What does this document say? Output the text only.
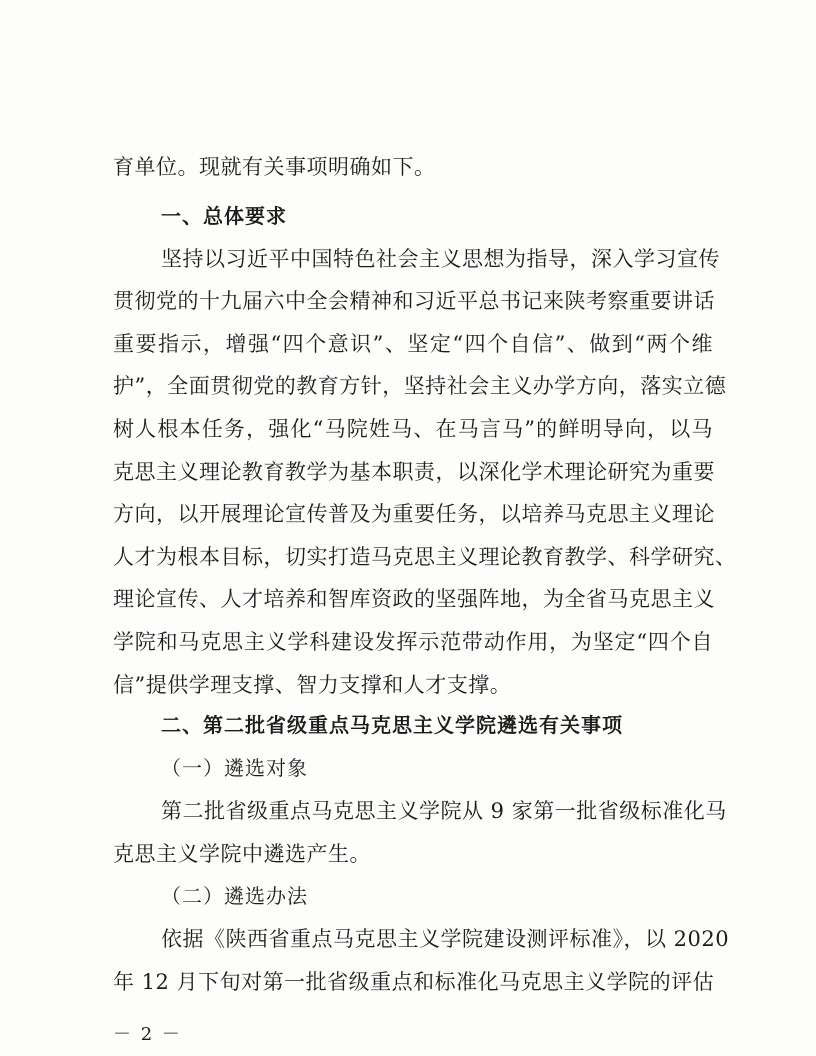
育单位。现就有关事项明确如下。
一、总体要求
坚持以习近平中国特色社会主义思想为指导，深入学习宣传
贯彻党的十九届六中全会精神和习近平总书记来陕考察重要讲话
重要指示，增强“四个意识”、坚定“四个自信”、做到“两个维
护”，全面贯彻党的教育方针，坚持社会主义办学方向，落实立德
树人根本任务，强化“马院姓马、在马言马”的鲜明导向，以马
克思主义理论教育教学为基本职责，以深化学术理论研究为重要
方向，以开展理论宣传普及为重要任务，以培养马克思主义理论
人才为根本目标，切实打造马克思主义理论教育教学、科学研究、
理论宣传、人才培养和智库资政的坚强阵地，为全省马克思主义
学院和马克思主义学科建设发挥示范带动作用，为坚定“四个自
信”提供学理支撑、智力支撑和人才支撑。
二、第二批省级重点马克思主义学院遴选有关事项
（一）遴选对象
第二批省级重点马克思主义学院从 9 家第一批省级标准化马
克思主义学院中遴选产生。
（二）遴选办法
依据《陕西省重点马克思主义学院建设测评标准》，以 2020
年 12 月下旬对第一批省级重点和标准化马克思主义学院的评估
－ 2 －
